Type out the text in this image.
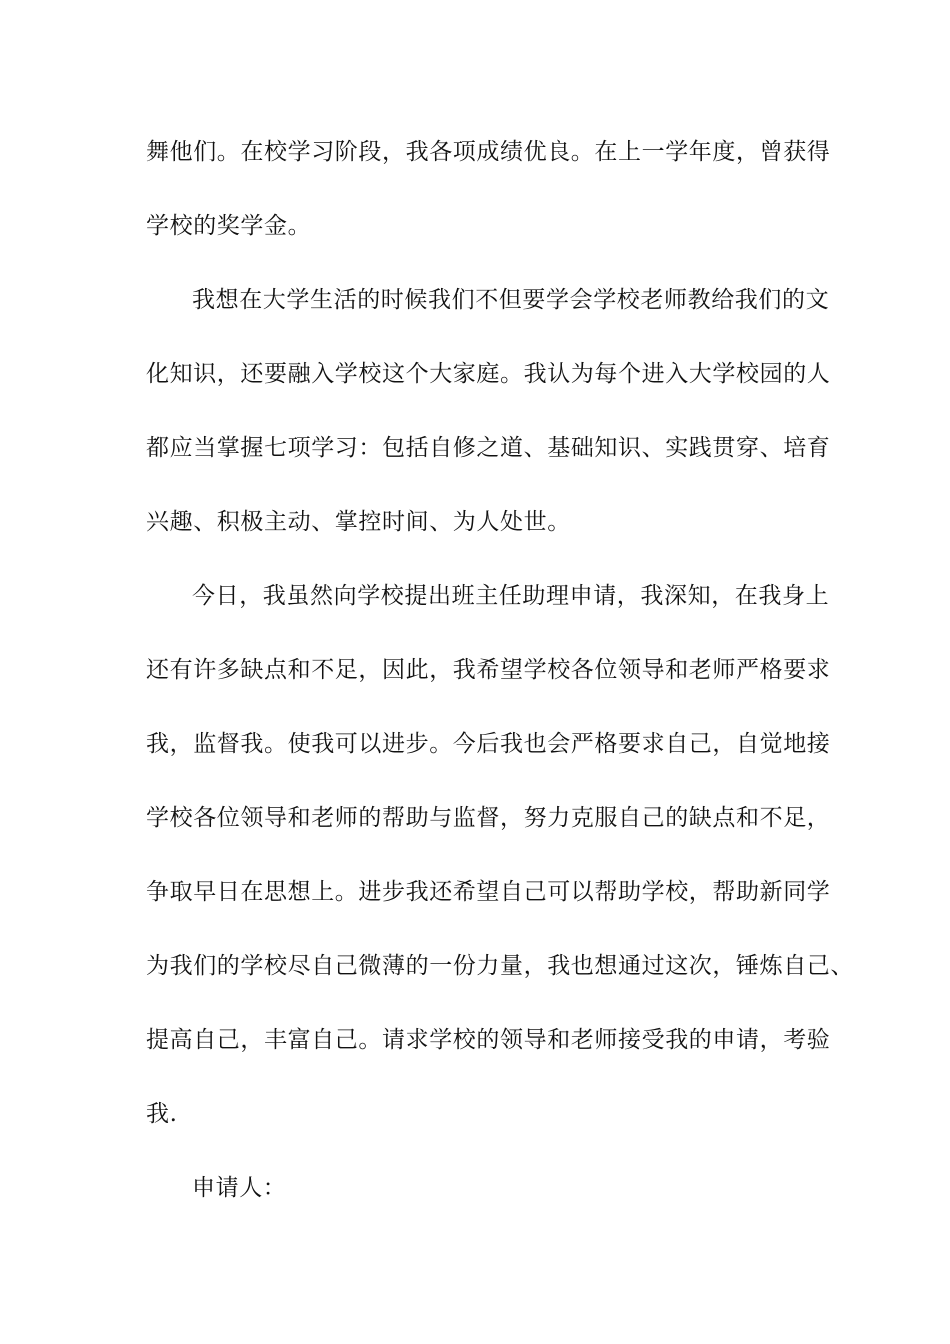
舞他们。在校学习阶段，我各项成绩优良。在上一学年度，曾获得
学校的奖学金。
我想在大学生活的时候我们不但要学会学校老师教给我们的文
化知识，还要融入学校这个大家庭。我认为每个进入大学校园的人
都应当掌握七项学习：包括自修之道、基础知识、实践贯穿、培育
兴趣、积极主动、掌控时间、为人处世。
今日，我虽然向学校提出班主任助理申请，我深知，在我身上
还有许多缺点和不足，因此，我希望学校各位领导和老师严格要求
我，监督我。使我可以进步。今后我也会严格要求自己，自觉地接
学校各位领导和老师的帮助与监督，努力克服自己的缺点和不足，
争取早日在思想上。进步我还希望自己可以帮助学校，帮助新同学
为我们的学校尽自己微薄的一份力量，我也想通过这次，锤炼自己、
提高自己，丰富自己。请求学校的领导和老师接受我的申请，考验
我.
申请人：
